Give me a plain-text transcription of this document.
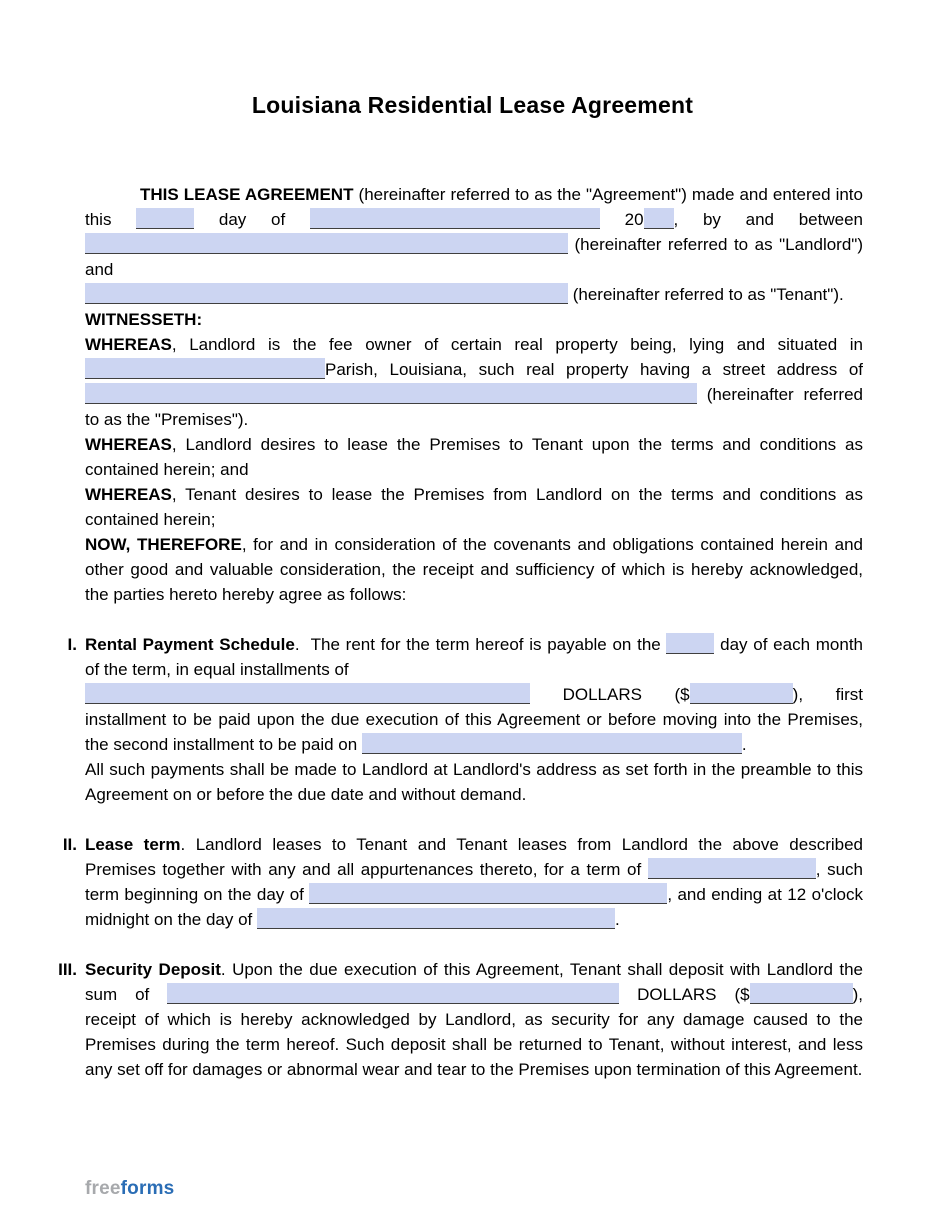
Louisiana Residential Lease Agreement

THIS LEASE AGREEMENT (hereinafter referred to as the "Agreement") made and entered into this	day of	20 , by and between  (hereinafter referred to as "Landlord") and
(hereinafter referred to as "Tenant").

WITNESSETH:

WHEREAS, Landlord is the fee owner of certain real property being, lying and situated in Parish, Louisiana, such real property having a street address of  (hereinafter referred to as the "Premises").

WHEREAS, Landlord desires to lease the Premises to Tenant upon the terms and conditions as contained herein; and

WHEREAS, Tenant desires to lease the Premises from Landlord on the terms and conditions as contained herein;

NOW, THEREFORE, for and in consideration of the covenants and obligations contained herein and other good and valuable consideration, the receipt and sufficiency of which is hereby acknowledged, the parties hereto hereby agree as follows:

I. Rental Payment Schedule.  The rent for the term hereof is payable on the	day of each month of the term, in equal installments of
DOLLARS ($	), first installment to be paid upon the due execution of this Agreement or before moving into the Premises, the second installment to be paid on	.
All such payments shall be made to Landlord at Landlord's address as set forth in the preamble to this Agreement on or before the due date and without demand.

II. Lease term. Landlord leases to Tenant and Tenant leases from Landlord the above described Premises together with any and all appurtenances thereto, for a term of	, such term beginning on the day of	, and ending at 12 o'clock midnight on the day of	.

III. Security Deposit. Upon the due execution of this Agreement, Tenant shall deposit with Landlord the sum of	DOLLARS ($	), receipt of which is hereby acknowledged by Landlord, as security for any damage caused to the Premises during the term hereof. Such deposit shall be returned to Tenant, without interest, and less any set off for damages or abnormal wear and tear to the Premises upon termination of this Agreement.

freeforms
